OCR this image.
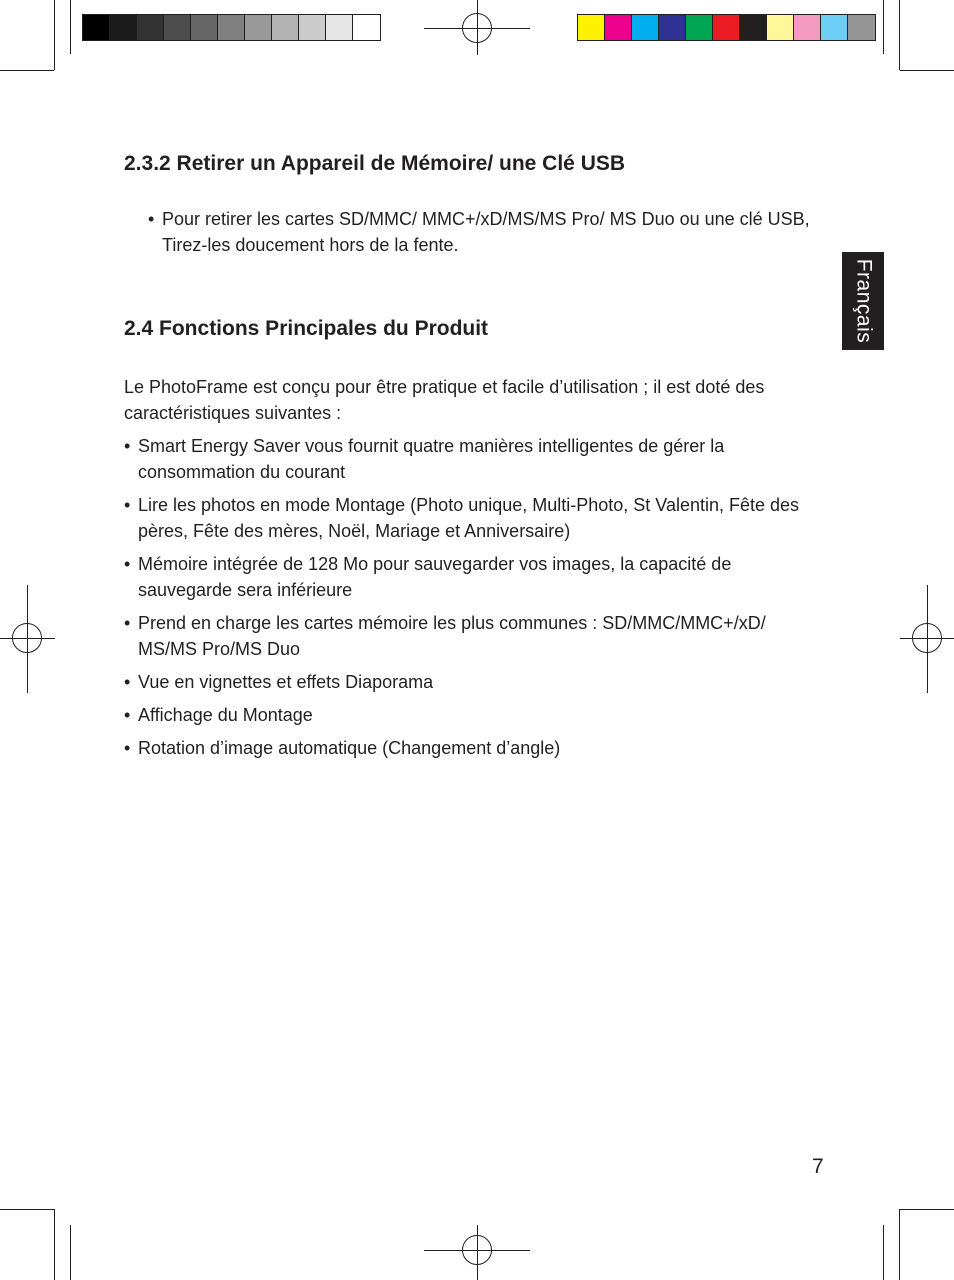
2.3.2 Retirer un Appareil de Mémoire/ une Clé USB
• Pour retirer les cartes SD/MMC/ MMC+/xD/MS/MS Pro/ MS Duo ou une clé USB, Tirez-les doucement hors de la fente.
2.4 Fonctions Principales du Produit

Le PhotoFrame est conçu pour être pratique et facile d’utilisation ; il est doté des caractéristiques suivantes :

• Smart Energy Saver vous fournit quatre manières intelligentes de gérer la consommation du courant
• Lire les photos en mode Montage (Photo unique, Multi-Photo, St Valentin, Fête des pères, Fête des mères, Noël, Mariage et Anniversaire)
• Mémoire intégrée de 128 Mo pour sauvegarder vos images, la capacité de sauvegarde sera inférieure
• Prend en charge les cartes mémoire les plus communes : SD/MMC/MMC+/xD/ MS/MS Pro/MS Duo
• Vue en vignettes et effets Diaporama
• Affichage du Montage
• Rotation d’image automatique (Changement d’angle)
Français
7
